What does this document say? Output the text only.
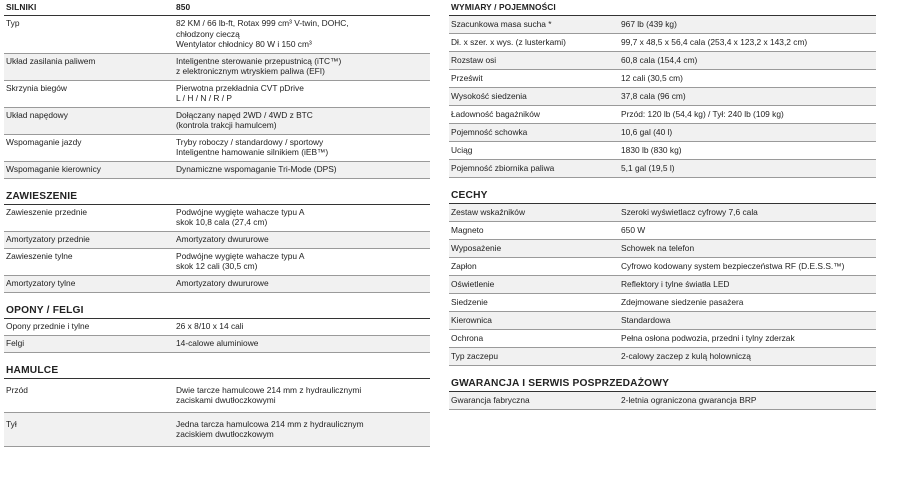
SILNIKI	850
Typ	82 KM / 66 lb-ft, Rotax 999 cm³ V-twin, DOHC,
chłodzony cieczą
Wentylator chłodnicy 80 W i 150 cm³
Układ zasilania paliwem	Inteligentne sterowanie przepustnicą (iTC™)
z elektronicznym wtryskiem paliwa (EFI)
Skrzynia biegów	Pierwotna przekładnia CVT pDrive
L / H / N / R / P
Układ napędowy	Dołączany napęd 2WD / 4WD z BTC
(kontrola trakcji hamulcem)
Wspomaganie jazdy	Tryby roboczy / standardowy / sportowy
Inteligentne hamowanie silnikiem (iEB™)
Wspomaganie kierownicy	Dynamiczne wspomaganie Tri-Mode (DPS)
ZAWIESZENIE
Zawieszenie przednie	Podwójne wygięte wahacze typu A
skok 10,8 cala (27,4 cm)
Amortyzatory przednie	Amortyzatory dwururowe
Zawieszenie tylne	Podwójne wygięte wahacze typu A
skok 12 cali (30,5 cm)
Amortyzatory tylne	Amortyzatory dwururowe
OPONY / FELGI
Opony przednie i tylne	26 x 8/10 x 14 cali
Felgi	14-calowe aluminiowe
HAMULCE
Przód	Dwie tarcze hamulcowe 214 mm z hydraulicznymi
zaciskami dwutłoczkowymi
Tył	Jedna tarcza hamulcowa 214 mm z hydraulicznym
zaciskiem dwutłoczkowym
WYMIARY / POJEMNOŚCI
Szacunkowa masa sucha *	967 lb (439 kg)
Dł. x szer. x wys. (z lusterkami)	99,7 x 48,5 x 56,4 cala (253,4 x 123,2 x 143,2 cm)
Rozstaw osi	60,8 cala (154,4 cm)
Prześwit	12 cali (30,5 cm)
Wysokość siedzenia	37,8 cala (96 cm)
Ładowność bagażników	Przód: 120 lb (54,4 kg) / Tył: 240 lb (109 kg)
Pojemność schowka	10,6 gal (40 l)
Uciąg	1830 lb (830 kg)
Pojemność zbiornika paliwa	5,1 gal (19,5 l)
CECHY
Zestaw wskaźników	Szeroki wyświetlacz cyfrowy 7,6 cala
Magneto	650 W
Wyposażenie	Schowek na telefon
Zapłon	Cyfrowo kodowany system bezpieczeństwa RF (D.E.S.S.™)
Oświetlenie	Reflektory i tylne światła LED
Siedzenie	Zdejmowane siedzenie pasażera
Kierownica	Standardowa
Ochrona	Pełna osłona podwozia, przedni i tylny zderzak
Typ zaczepu	2-calowy zaczep z kulą holowniczą
GWARANCJA I SERWIS POSPRZEDAŻOWY
Gwarancja fabryczna	2-letnia ograniczona gwarancja BRP
